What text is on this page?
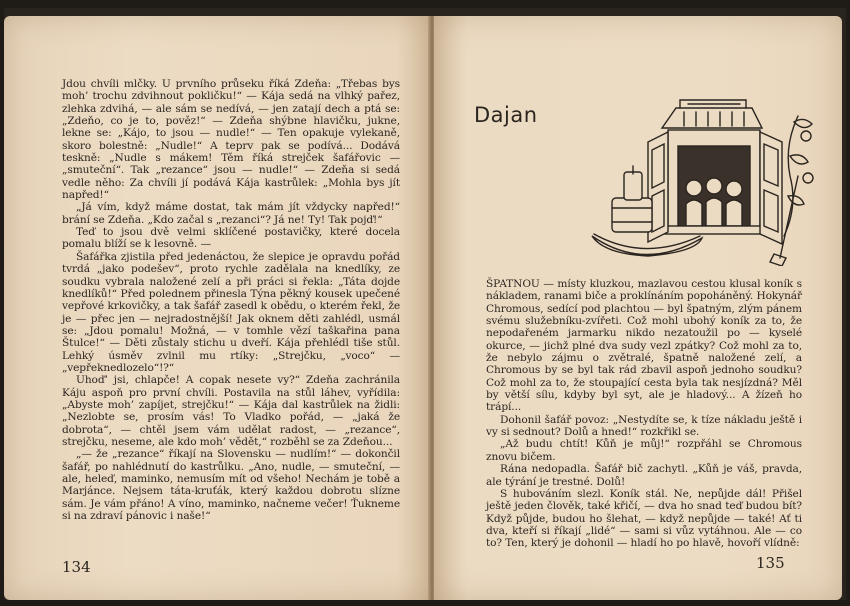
Jdou chvíli mlčky. U prvního průseku říká Zdeňa: „Třebas bys moh’ trochu zdvihnout pokličku!“ — Kája sedá na vlhký pařez, zlehka zdvihá, — ale sám se nedívá, — jen zatají dech a ptá se: „Zdeňo, co je to, pověz!“ — Zdeňa shýbne hlavičku, jukne, lekne se: „Kájo, to jsou — nudle!“ — Ten opakuje vylekaně, skoro bolestně: „Nudle!“ A teprv pak se podívá... Dodává teskně: „Nudle s mákem! Těm říká strejček šafářovic — „smuteční“. Tak „rezance“ jsou — nudle!“ — Zdeňa si sedá vedle něho: Za chvíli jí podává Kája kastrůlek: „Mohla bys jít napřed!“

„Já vím, když máme dostat, tak mám jít vždycky napřed!“ brání se Zdeňa. „Kdo začal s „rezanci“? Já ne! Ty! Tak pojď!“

Teď to jsou dvě velmi sklíčené postavičky, které docela pomalu blíží se k lesovně. —

Šafářka zjistila před jedenáctou, že slepice je opravdu pořád tvrdá „jako podešev“, proto rychle zadělala na knedlíky, ze soudku vybrala naložené zelí a při práci si řekla: „Táta dojde knedlíků!“ Před polednem přinesla Týna pěkný kousek upečené vepřové krkovičky, a tak šafář zasedl k obědu, o kterém řekl, že je — přec jen — nejradostnější! Jak oknem děti zahlédl, usmál se: „Jdou pomalu! Možná, — v tomhle vězí taškařina pana Štulce!“ — Děti zůstaly stichu u dveří. Kája přehlédl tiše stůl. Lehký úsměv zvlnil mu rtíky: „Strejčku, „voco“ — „vepřeknedlozelo“!?“

Uhoď’ jsi, chlapče! A copak nesete vy?“ Zdeňa zachránila Káju aspoň pro první chvíli. Postavila na stůl láhev, vyřídila: „Abyste moh’ zapíjet, strejčku!“ — Kája dal kastrůlek na židli: „Nezlobte se, prosím vás! To Vladko pořád, — „jaká že dobrota“, — chtěl jsem vám udělat radost, — „rezance“, strejčku, neseme, ale kdo moh’ vědět,“ rozběhl se za Zdeňou...

„— že „rezance“ říkají na Slovensku — nudlím!“ — dokončil šafář, po nahlédnutí do kastrůlku. „Ano, nudle, — smuteční, — ale, heleď, maminko, nemusím mít od všeho! Nechám je tobě a Marjánce. Nejsem táta-kruťák, který každou dobrotu slízne sám. Je vám přáno! A víno, maminko, načneme večer! Ťukneme si na zdraví pánovic i naše!“

134
Dajan

ŠPATNOU — místy kluzkou, mazlavou cestou klusal koník s nákladem, ranami biče a proklínáním popoháněný. Hokynář Chromous, sedící pod plachtou — byl špatným, zlým pánem svému služebníku-zvířeti. Což mohl ubohý koník za to, že nepodařeném jarmarku nikdo nezatoužil po — kyselé okurce, — jichž plné dva sudy vezl zpátky? Což mohl za to, že nebylo zájmu o zvětralé, špatně naložené zelí, a Chromous by se byl tak rád zbavil aspoň jednoho soudku? Což mohl za to, že stoupající cesta byla tak nesjízdná? Měl by větší sílu, kdyby byl syt, ale je hladový... A žízeň ho trápí...

Dohonil šafář povoz: „Nestydíte se, k tíze nákladu ještě i vy si sednout? Dolů a hned!“ rozkřikl se.

„Až budu chtít! Kůň je můj!“ rozpřáhl se Chromous znovu bičem.

Rána nedopadla. Šafář bič zachytl. „Kůň je váš, pravda, ale týrání je trestné. Dolů!

S hubováním slezl. Koník stál. Ne, nepůjde dál! Přišel ještě jeden člověk, také křičí, — dva ho snad teď budou bít? Když půjde, budou ho šlehat, — když nepůjde — také! Ať ti dva, kteří si říkají „lidé“ — sami si vůz vytáhnou. Ale — co to? Ten, který je dohonil — hladí ho po hlavě, hovoří vlídně:

135
